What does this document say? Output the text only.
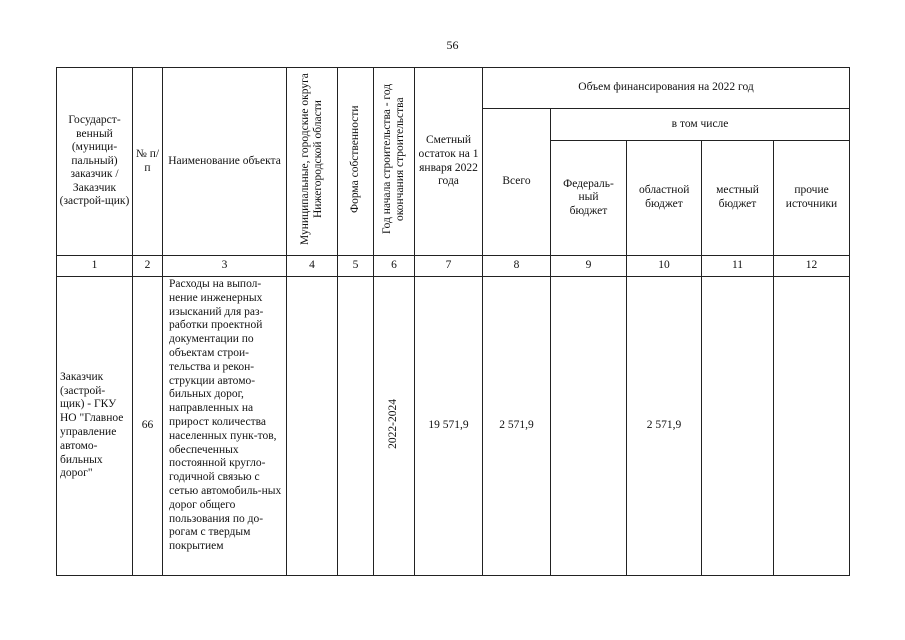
56
Государст-венный (муници-пальный) заказчик / Заказчик (застрой-щик)	№ п/п	Наименование объекта	Муниципальные, городские округа Нижегородской области	Форма собственности	Год начала строительства - год окончания строительства	Сметный остаток на 1 января 2022 года	Объем финансирования на 2022 год				

							Всего	в том числе			

								Федераль-ный бюджет	областной бюджет	местный бюджет	прочие источники

1	2	3	4	5	6	7	8	9	10	11	12

Заказчик (застрой-щик) - ГКУ НО "Главное управление автомо-бильных дорог"	66	Расходы на выпол-нение инженерных изысканий для раз-работки проектной документации по объектам строи-тельства и рекон-струкции автомо-бильных дорог, направленных на прирост количества населенных пунк-тов, обеспеченных постоянной кругло-годичной связью с сетью автомобиль-ных дорог общего пользования по до-рогам с твердым покрытием			2022-2024	19 571,9	2 571,9		2 571,9		
